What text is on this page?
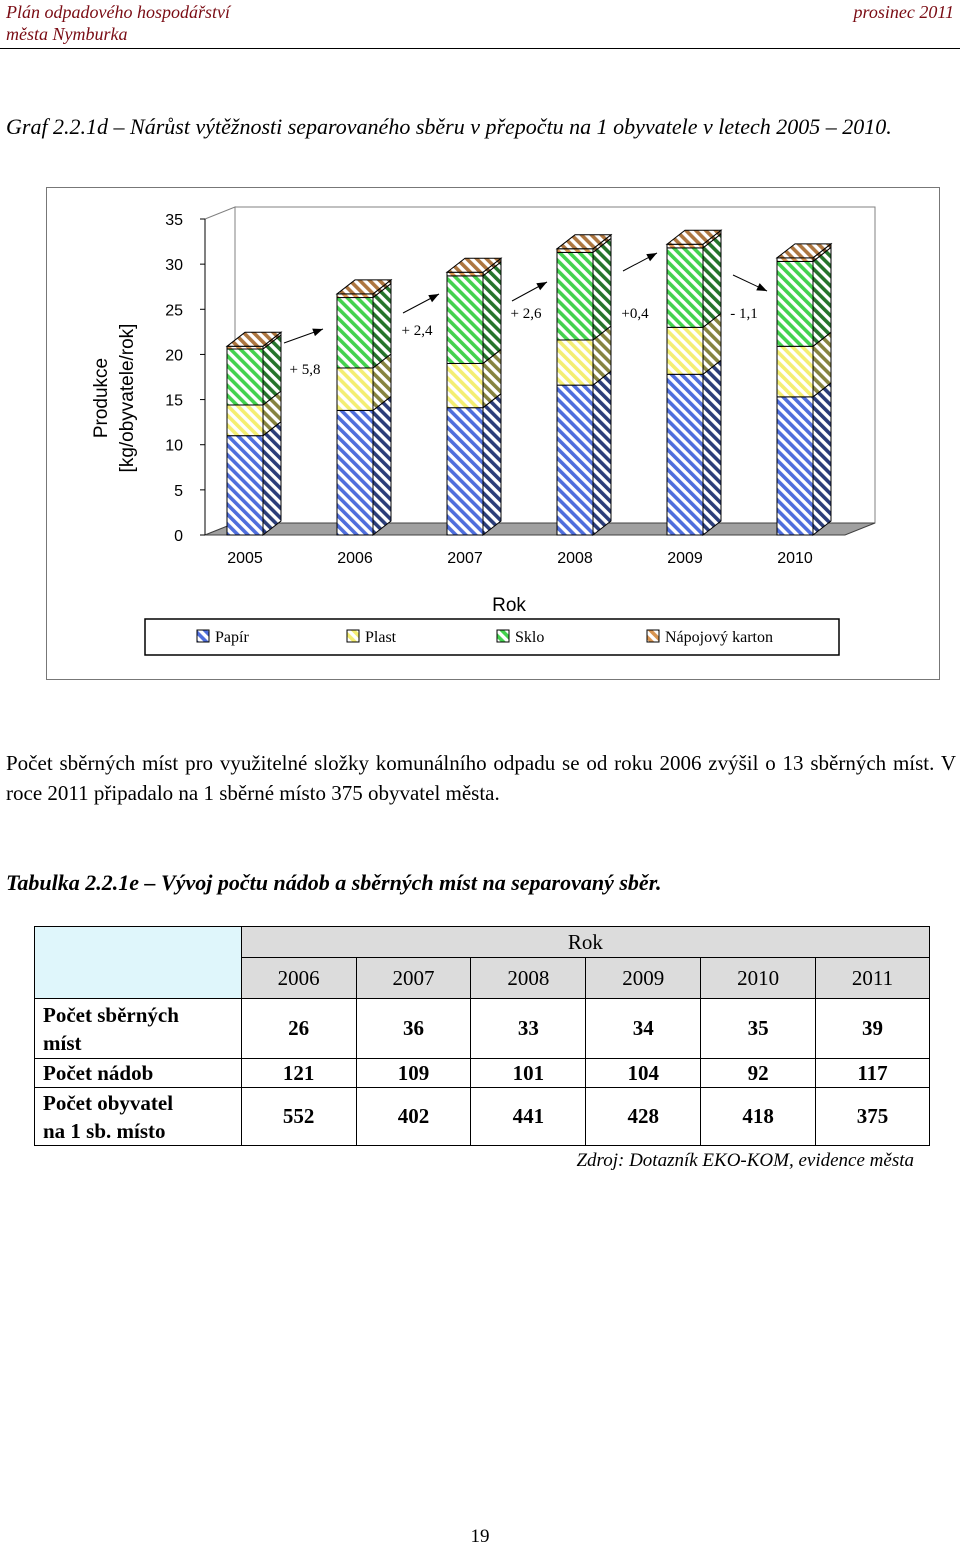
Plán odpadového hospodářství
města Nymburka
prosinec 2011
Graf 2.2.1d – Nárůst výtěžnosti separovaného sběru v přepočtu na 1 obyvatele v letech 2005 – 2010.
0
5
10
15
20
25
30
35
Produkce [kg/obyvatele/rok]
2005	2006	2007	2008	2009	2010
+ 5,8
+ 2,4
+ 2,6	+0,4	- 1,1
Rok
Papír	Plast	Sklo	Nápojový karton
Počet sběrných míst pro využitelné složky komunálního odpadu se od roku 2006 zvýšil o 13 sběrných míst. V roce 2011 připadalo na 1 sběrné místo 375 obyvatel města.
Tabulka 2.2.1e – Vývoj počtu nádob a sběrných míst na separovaný sběr.
	Rok					
	2006	2007	2008	2009	2010	2011

Počet sběrných
míst	26	36	33	34	35	39

Počet nádob	121	109	101	104	92	117

Počet obyvatel
na 1 sb. místo	552	402	441	428	418	375
Zdroj: Dotazník EKO-KOM, evidence města
19
